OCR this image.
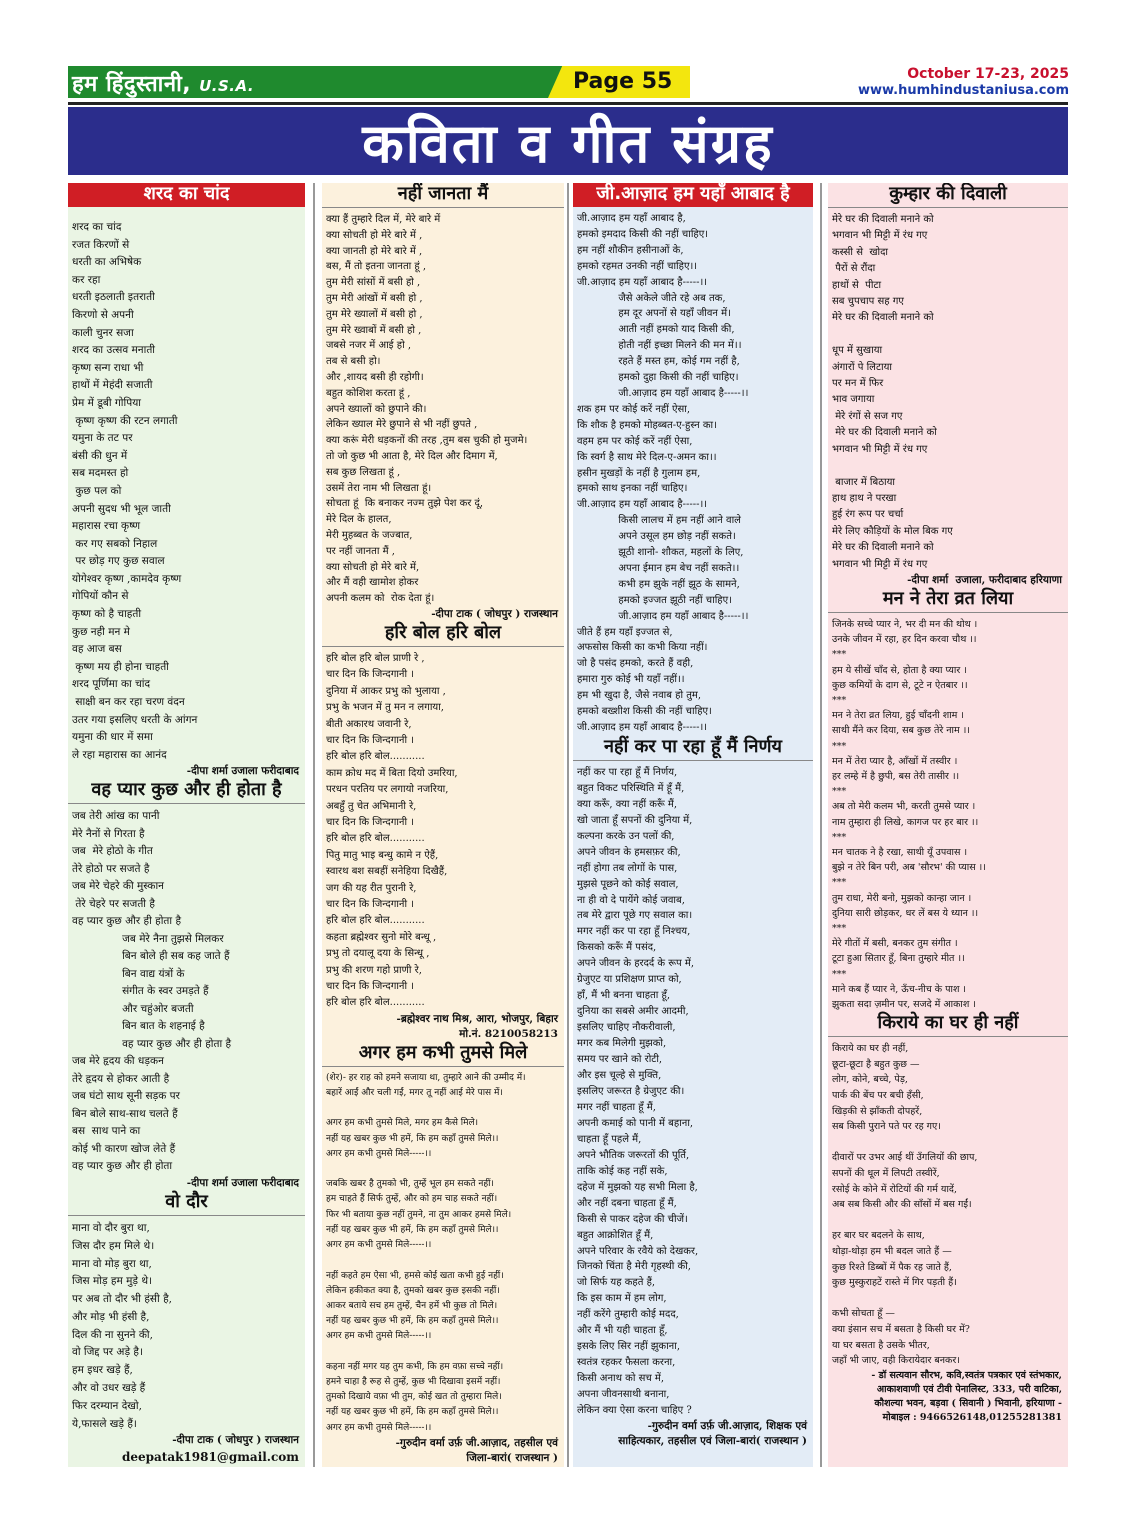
हम हिंदुस्तानी, U.S.A.	Page 55	October 17-23, 2025
www.humhindustaniusa.com
कविता व गीत संग्रह
शरद का चांद
शरद का चांद
रजत किरणों से
धरती का अभिषेक
कर रहा
धरती इठलाती इतराती
किरणो से अपनी
काली चुनर सजा
शरद का उत्सव मनाती
कृष्ण सन्ग राधा भी
हाथों में मेहंदी सजाती
प्रेम में डूबी गोपिया
कृष्ण कृष्ण की रटन लगाती
यमुना के तट पर
बंसी की धुन में
सब मदमस्त हो
कुछ पल को
अपनी सुदध भी भूल जाती
महारास रचा कृष्ण
कर गए सबको निहाल
पर छोड़ गए कुछ सवाल
योगेश्वर कृष्ण ,कामदेव कृष्ण
गोपियों कौन से
कृष्ण को है चाहती
कुछ नही मन मे
वह आज बस
कृष्ण मय ही होना चाहती
शरद पूर्णिमा का चांद
साक्षी बन कर रहा चरण वंदन
उतर गया इसलिए धरती के आंगन
यमुना की धार में समा
ले रहा महारास का आनंद
-दीपा शर्मा उजाला फरीदाबाद
वह प्यार कुछ और ही होता है
जब तेरी आंख का पानी
मेरे नैनों से गिरता है
जब  मेरे होठो के गीत
तेरे होठो पर सजते है
जब मेरे चेहरे की मुस्कान
तेरे चेहरे पर सजती है
वह प्यार कुछ और ही होता है
जब मेरे नैना तुझसे मिलकर
बिन बोले ही सब कह जाते हैं
बिन वाद्य यंत्रों के
संगीत के स्वर उमड़ते हैं
और चहुंओर बजती
बिन बात के शहनाई है
वह प्यार कुछ और ही होता है
जब मेरे हृदय की धड़कन
तेरे हृदय से होकर आती है
जब घंटो साथ सूनी सड़क पर
बिन बोले साथ-साथ चलते हैं
बस  साथ पाने का
कोई भी कारण खोज लेते हैं
वह प्यार कुछ और ही होता
-दीपा शर्मा उजाला फरीदाबाद
वो दौर
माना वो दौर बुरा था,
जिस दौर हम मिले थे।
माना वो मोड़ बुरा था,
जिस मोड़ हम मुड़े थे।
पर अब तो दौर भी हंसी है,
और मोड़ भी हंसी है,
दिल की ना सुनने की,
वो जिद्द पर अड़े है।
हम इधर खड़े हैं,
और वो उधर खड़े हैं
फिर दरम्यान देखो,
ये,फासले खड़े हैं।
-दीपा टाक ( जोधपुर ) राजस्थान
deepatak1981@gmail.com
नहीं जानता मैं
क्या हैं तुम्हारे दिल में, मेरे बारे में
क्या सोचती हो मेरे बारे में ,
क्या जानती हो मेरे बारे में ,
बस, मैं तो इतना जानता हूं ,
तुम मेरी सांसों में बसी हो ,
तुम मेरी आंखों में बसी हो ,
तुम मेरे ख्यालों में बसी हो ,
तुम मेरे ख्वाबों में बसी हो ,
जबसे नजर में आई हो ,
तब से बसी हो।
और ,शायद बसी ही रहोगी।
बहुत कोशिश करता हूं ,
अपने ख्यालों को छुपाने की।
लेकिन ख्याल मेरे छुपाने से भी नहीं छुपते ,
क्या करूं मेरी धड़कनों की तरह ,तुम बस चुकी हो मुजमे।
तो जो कुछ भी आता है, मेरे दिल और दिमाग में,
सब कुछ लिखता हूं ,
उसमें तेरा नाम भी लिखता हूं।
सोचता हूं  कि बनाकर नज्म तुझे पेश कर दूं,
मेरे दिल के हालत,
मेरी मुहब्बत के जज्बात,
पर नहीं जानता मैं ,
क्या सोचती हो मेरे बारे में,
और मैं वही खामोश होकर
अपनी कलम को  रोक देता हूं।
-दीपा टाक ( जोधपुर ) राजस्थान
हरि बोल हरि बोल
हरि बोल हरि बोल प्राणी रे ,
चार दिन कि जिन्दगानी ।
दुनिया में आकर प्रभु को भुलाया ,
प्रभु के भजन में तु मन न लगाया,
बीती अकारथ जवानी रे,
चार दिन कि जिन्दगानी ।
हरि बोल हरि बोल...........
काम क्रोध मद में बिता दियो उमरिया,
परधन परतिय पर लगायो नजरिया,
अबहुँ तु चेत अभिमानी रे,
चार दिन कि जिन्दगानी ।
हरि बोल हरि बोल...........
पितु मातु भाइ बन्धु कामे न ऐहैं,
स्वारथ बश सबहीं सनेहिया दिखैहैं,
जग की यह रीत पुरानी रे,
चार दिन कि जिन्दगानी ।
हरि बोल हरि बोल...........
कहता ब्रह्मेश्वर सुनो मोरे बन्धू ,
प्रभु तो दयालू दया के सिन्धू ,
प्रभु की शरण गहो प्राणी रे,
चार दिन कि जिन्दगानी ।
हरि बोल हरि बोल...........
-ब्रह्मेश्वर नाथ मिश्र, आरा, भोजपुर, बिहार
मो.नं. 8210058213
अगर हम कभी तुमसे मिले
(शेर)- हर राह को हमने सजाया था, तुम्हारे आने की उम्मीद में।
बहारें आईं और चली गईं, मगर तू नहीं आई मेरे पास में।

अगर हम कभी तुमसे मिले, मगर हम कैसे मिले।
नहीं यह खबर कुछ भी हमें, कि हम कहाँ तुमसे मिले।।
अगर हम कभी तुमसे मिले-----।।

जबकि खबर है तुमको भी, तुम्हें भूल हम सकते नहीं।
हम चाहते हैं सिर्फ तुम्हें, और को हम चाह सकते नहीं।
फिर भी बताया कुछ नहीं तुमने, ना तुम आकर हमसे मिले।
नहीं यह खबर कुछ भी हमें, कि हम कहाँ तुमसे मिले।।
अगर हम कभी तुमसे मिले-----।।

नहीं कहते हम ऐसा भी, हमसे कोई खता कभी हुई नहीं।
लेकिन हकीकत क्या है, तुमको खबर कुछ इसकी नहीं।
आकर बताये सच हम तुम्हें, चैन हमें भी कुछ तो मिले।
नहीं यह खबर कुछ भी हमें, कि हम कहाँ तुमसे मिले।।
अगर हम कभी तुमसे मिले-----।।

कहना नहीं मगर यह तुम कभी, कि हम वफ़ा सच्चे नहीं।
हमने चाहा है रूह से तुम्हें, कुछ भी दिखावा इसमें नहीं।
तुमको दिखाये वफ़ा भी तुम, कोई खत तो तुम्हारा मिले।
नहीं यह खबर कुछ भी हमें, कि हम कहाँ तुमसे मिले।।
अगर हम कभी तुमसे मिले-----।।
-गुरुदीन वर्मा उर्फ़ जी.आज़ाद, तहसील एवं
जिला-बारां( राजस्थान )
जी.आज़ाद हम यहाँ आबाद है
जी.आज़ाद हम यहाँ आबाद है,
हमको इमदाद किसी की नहीं चाहिए।
हम नहीं शौकीन हसीनाओं के,
हमको रहमत उनकी नहीं चाहिए।।
जी.आज़ाद हम यहाँ आबाद है-----।।
जैसे अकेले जीते रहे अब तक,
हम दूर अपनों से यहाँ जीवन में।
आती नहीं हमको याद किसी की,
होती नहीं इच्छा मिलने की मन में।।
रहते हैं मस्त हम, कोई गम नहीं है,
हमको दुहा किसी की नहीं चाहिए।
जी.आज़ाद हम यहाँ आबाद है-----।।
शक हम पर कोई करें नहीं ऐसा,
कि शौक है हमको मोहब्बत-ए-हुस्न का।
वहम हम पर कोई करें नहीं ऐसा,
कि स्वर्ग है साथ मेरे दिल-ए-अमन का।।
हसीन मुखड़ों के नहीं है गुलाम हम,
हमको साथ इनका नहीं चाहिए।
जी.आज़ाद हम यहाँ आबाद है-----।।
किसी लालच में हम नहीं आने वाले
अपने उसूल हम छोड़ नहीं सकते।
झूठी शानो- शौकत, महलों के लिए,
अपना ईमान हम बेच नहीं सकते।।
कभी हम झुके नहीं झूठ के सामने,
हमको इज्जत झूठी नहीं चाहिए।
जी.आज़ाद हम यहाँ आबाद है-----।।
जीते हैं हम यहाँ इज्जत से,
अफसोस किसी का कभी किया नहीं।
जो है पसंद हमको, करते हैं वही,
हमारा गुरु कोई भी यहाँ नहीं।।
हम भी खुदा है, जैसे नवाब हो तुम,
हमको बख्शीश किसी की नहीं चाहिए।
जी.आज़ाद हम यहाँ आबाद है-----।।
नहीं कर पा रहा हूँ मैं निर्णय
नहीं कर पा रहा हूँ मैं निर्णय,
बहुत विकट परिस्थिति में हूँ मैं,
क्या करूँ, क्या नहीं करूँ मैं,
खो जाता हूँ सपनों की दुनिया में,
कल्पना करके उन पलों की,
अपने जीवन के हमसफ़र की,
नहीं होगा तब लोगों के पास,
मुझसे पूछने को कोई सवाल,
ना ही वो दे पायेंगे कोई जवाब,
तब मेरे द्वारा पूछे गए सवाल का।
मगर नहीं कर पा रहा हूँ निश्चय,
किसको करूँ मैं पसंद,
अपने जीवन के हरदर्द के रूप में,
ग्रेजुएट या प्रशिक्षण प्राप्त को,
हाँ, मैं भी बनना चाहता हूँ,
दुनिया का सबसे अमीर आदमी,
इसलिए चाहिए नौकरीवाली,
मगर कब मिलेगी मुझको,
समय पर खाने को रोटी,
और इस चूल्हे से मुक्ति,
इसलिए जरूरत है ग्रेजुएट की।
मगर नहीं चाहता हूँ मैं,
अपनी कमाई को पानी में बहाना,
चाहता हूँ पहले मैं,
अपने भौतिक जरूरतों की पूर्ति,
ताकि कोई कह नहीं सके,
दहेज में मुझको यह सभी मिला है,
और नहीं दबना चाहता हूँ मैं,
किसी से पाकर दहेज की चीजें।
बहुत आक्रोशित हूँ मैं,
अपने परिवार के रवैये को देखकर,
जिनको चिंता है मेरी गृहस्थी की,
जो सिर्फ यह कहते हैं,
कि इस काम में हम लोग,
नहीं करेंगे तुम्हारी कोई मदद,
और मैं भी यही चाहता हूँ,
इसके लिए सिर नहीं झुकाना,
स्वतंत्र रहकर फैसला करना,
किसी अनाथ को सच में,
अपना जीवनसाथी बनाना,
लेकिन क्या ऐसा करना चाहिए ?
-गुरुदीन वर्मा उर्फ़ जी.आज़ाद, शिक्षक एवं
साहित्यकार, तहसील एवं जिला-बारां( राजस्थान )
कुम्हार की दिवाली
मेरे घर की दिवाली मनाने को
भगवान भी मिट्टी में रंध गए
कस्सी से  खोदा
पैरों से रौंदा
हाथों से  पीटा
सब चुपचाप सह गए
मेरे घर की दिवाली मनाने को

धूप में सुखाया
अंगारों पे लिटाया
पर मन में फिर
भाव जगाया
मेरे रंगों से सज गए
मेरे घर की दिवाली मनाने को
भगवान भी मिट्टी में रंध गए

बाजार में बिठाया
हाथ हाथ ने परखा
हुई रंग रूप पर चर्चा
मेरे लिए कौड़ियों के मोल बिक गए
मेरे घर की दिवाली मनाने को
भगवान भी मिट्टी में रंध गए
-दीपा शर्मा  उजाला, फरीदाबाद हरियाणा
मन ने तेरा व्रत लिया
जिनके सच्चे प्यार ने, भर दी मन की थोथ ।
उनके जीवन में रहा, हर दिन करवा चौथ ।।
***
हम ये सीखें चाँद से, होता है क्या प्यार ।
कुछ कमियों के दाग से, टूटे न ऐतबार ।।
***
मन ने तेरा व्रत लिया, हुई चाँदनी शाम ।
साथी मैंने कर दिया, सब कुछ तेरे नाम ।।
***
मन में तेरा प्यार है, आँखों में तस्वीर ।
हर लम्हे में है छुपी, बस तेरी तासीर ।।
***
अब तो मेरी कलम भी, करती तुमसे प्यार ।
नाम तुम्हारा ही लिखे, कागज पर हर बार ।।
***
मन चातक ने है रखा, साथी यूँ उपवास ।
बुझे न तेरे बिन परी, अब 'सौरभ' की प्यास ।।
***
तुम राधा, मेरी बनो, मुझको कान्हा जान ।
दुनिया सारी छोड़कर, धर लें बस ये ध्यान ।।
***
मेरे गीतों में बसी, बनकर तुम संगीत ।
टूटा हुआ सितार हूँ, बिना तुम्हारे मीत ।।
***
माने कब हैं प्यार ने, ऊँच-नीच के पाश ।
झुकता सदा ज़मीन पर, सजदे में आकाश ।
किराये का घर ही नहीं
किराये का घर ही नहीं,
छूटा-छूटा है बहुत कुछ —
लोग, कोने, बच्चे, पेड़,
पार्क की बेंच पर बची हँसी,
खिड़की से झाँकती दोपहरें,
सब किसी पुराने पते पर रह गए।

दीवारों पर उभर आई थीं उँगलियों की छाप,
सपनों की धूल में लिपटी तस्वीरें,
रसोई के कोने में रोटियों की गर्म यादें,
अब सब किसी और की साँसों में बस गईं।

हर बार घर बदलने के साथ,
थोड़ा-थोड़ा हम भी बदल जाते हैं —
कुछ रिश्ते डिब्बों में पैक रह जाते हैं,
कुछ मुस्कुराहटें रास्ते में गिर पड़ती हैं।

कभी सोचता हूँ —
क्या इंसान सच में बसता है किसी घर में?
या घर बसता है उसके भीतर,
जहाँ भी जाए, वही किरायेदार बनकर।
- डॉ सत्यवान सौरभ, कवि,स्वतंत्र पत्रकार एवं स्तंभकार,
आकाशवाणी एवं टीवी पेनालिस्ट, 333, परी वाटिका,
कौशल्या भवन, बड़वा ( सिवानी ) भिवानी, हरियाणा -
मोबाइल : 9466526148,01255281381
